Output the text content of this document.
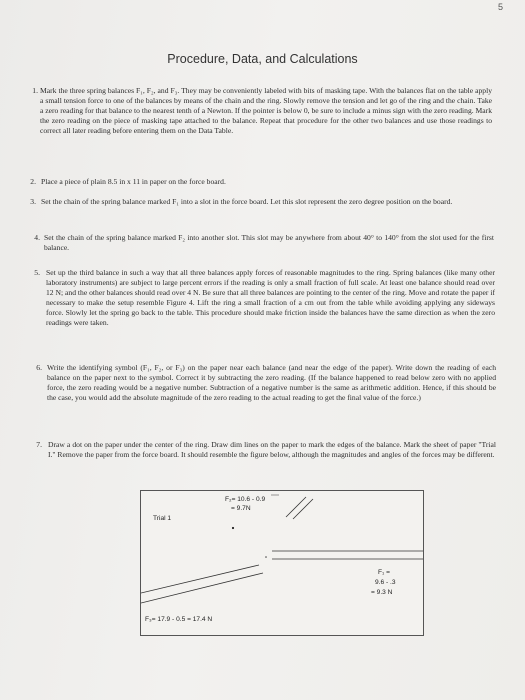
5
Procedure, Data, and Calculations
1. Mark the three spring balances F₁, F₂, and F₃. They may be conveniently labeled with bits of masking tape. With the balances flat on the table apply a small tension force to one of the balances by means of the chain and the ring. Slowly remove the tension and let go of the ring and the chain. Take a zero reading for that balance to the nearest tenth of a Newton. If the pointer is below 0, be sure to include a minus sign with the zero reading. Mark the zero reading on the piece of masking tape attached to the balance. Repeat that procedure for the other two balances and use those readings to correct all later reading before entering them on the Data Table.
2. Place a piece of plain 8.5 in x 11 in paper on the force board.
3. Set the chain of the spring balance marked F₁ into a slot in the force board. Let this slot represent the zero degree position on the board.
4. Set the chain of the spring balance marked F₂ into another slot. This slot may be anywhere from about 40° to 140° from the slot used for the first balance.
5. Set up the third balance in such a way that all three balances apply forces of reasonable magnitudes to the ring. Spring balances (like many other laboratory instruments) are subject to large percent errors if the reading is only a small fraction of full scale. At least one balance should read over 12 N; and the other balances should read over 4 N. Be sure that all three balances are pointing to the center of the ring. Move and rotate the paper if necessary to make the setup resemble Figure 4. Lift the ring a small fraction of a cm out from the table while avoiding applying any sideways force. Slowly let the spring go back to the table. This procedure should make friction inside the balances have the same direction as when the zero readings were taken.
6. Write the identifying symbol (F₁, F₂, or F₃) on the paper near each balance (and near the edge of the paper). Write down the reading of each balance on the paper next to the symbol. Correct it by subtracting the zero reading. (If the balance happened to read below zero with no applied force, the zero reading would be a negative number. Subtraction of a negative number is the same as arithmetic addition. Hence, if this should be the case, you would add the absolute magnitude of the zero reading to the actual reading to get the final value of the force.)
7. Draw a dot on the paper under the center of the ring. Draw dim lines on the paper to mark the edges of the balance. Mark the sheet of paper "Trial I." Remove the paper from the force board. It should resemble the figure below, although the magnitudes and angles of the forces may be different.
Trial 1
F₂= 10.6 - 0.9
= 9.7N
F₁ =
9.6 - .3
= 9.3 N
F₃= 17.9 - 0.5 = 17.4 N
